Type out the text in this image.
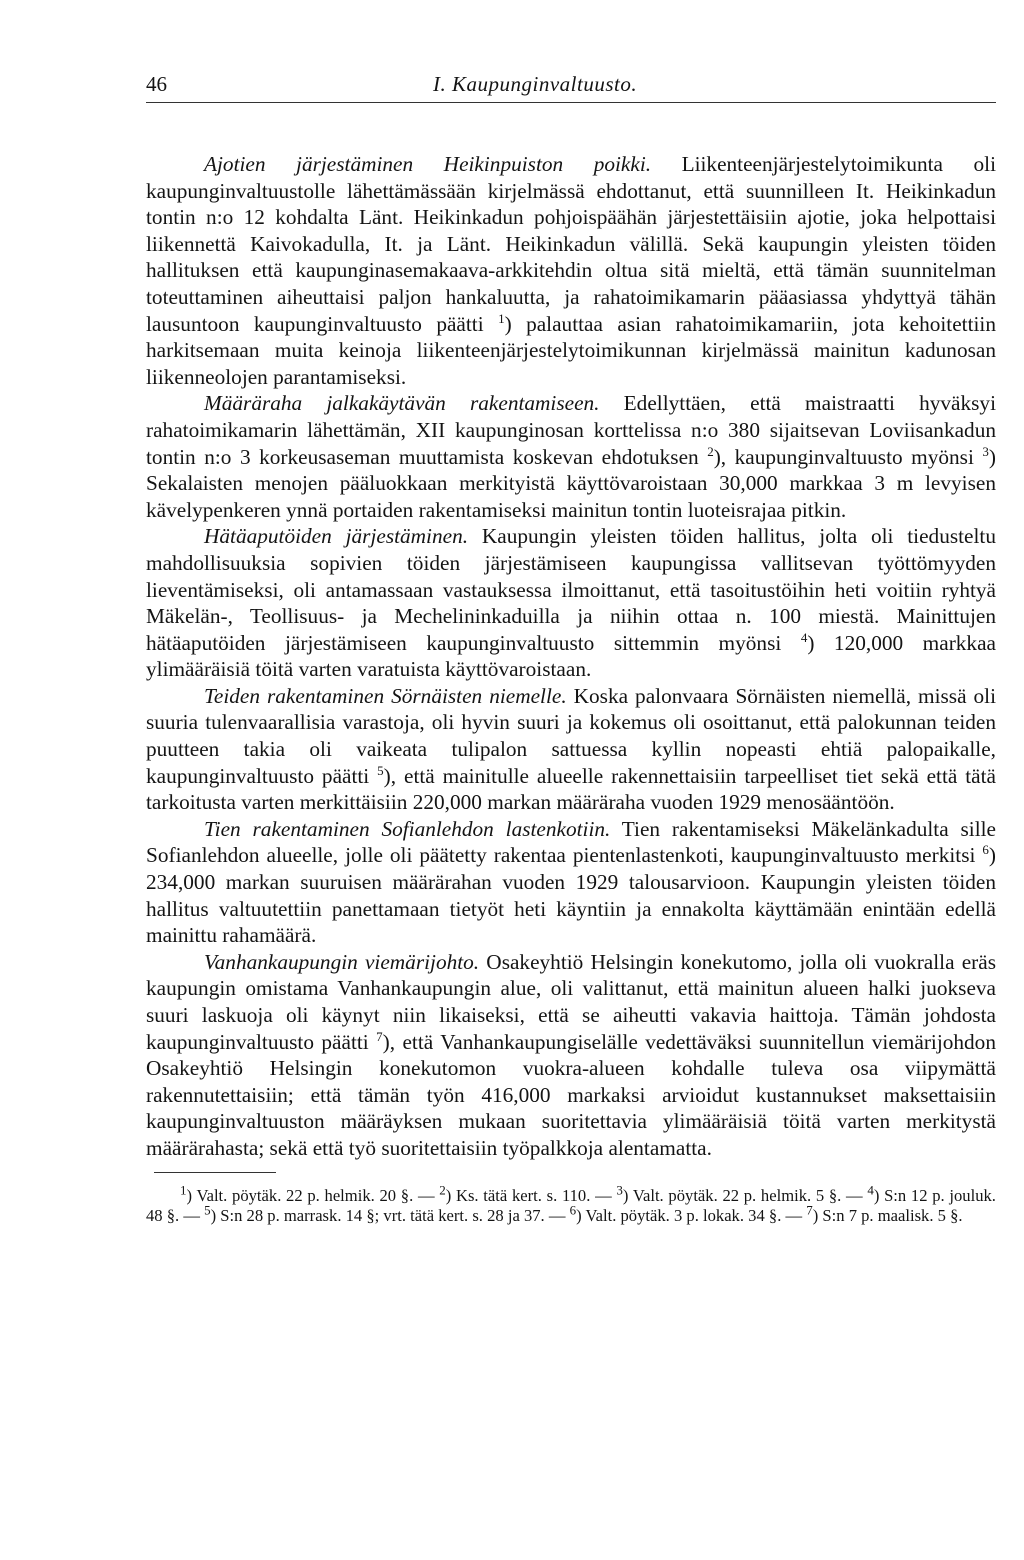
46	I. Kaupunginvaltuusto.

Ajotien järjestäminen Heikinpuiston poikki. Liikenteenjärjestelytoimikunta oli kaupunginvaltuustolle lähettämässään kirjelmässä ehdottanut, että suunnilleen It. Heikinkadun tontin n:o 12 kohdalta Länt. Heikinkadun pohjoispäähän järjestettäisiin ajotie, joka helpottaisi liikennettä Kaivokadulla, It. ja Länt. Heikinkadun välillä. Sekä kaupungin yleisten töiden hallituksen että kaupunginasemakaava-arkkitehdin oltua sitä mieltä, että tämän suunnitelman toteuttaminen aiheuttaisi paljon hankaluutta, ja rahatoimikamarin pääasiassa yhdyttyä tähän lausuntoon kaupunginvaltuusto päätti $^1$) palauttaa asian rahatoimikamariin, jota kehoitettiin harkitsemaan muita keinoja liikenteenjärjestelytoimikunnan kirjelmässä mainitun kadunosan liikenneolojen parantamiseksi.

Määräraha jalkakäytävän rakentamiseen. Edellyttäen, että maistraatti hyväksyi rahatoimikamarin lähettämän, XII kaupunginosan korttelissa n:o 380 sijaitsevan Loviisankadun tontin n:o 3 korkeusaseman muuttamista koskevan ehdotuksen $^2$), kaupunginvaltuusto myönsi $^3$) Sekalaisten menojen pääluokkaan merkityistä käyttövaroistaan 30,000 markkaa 3 m levyisen kävelypenkeren ynnä portaiden rakentamiseksi mainitun tontin luoteisrajaa pitkin.

Hätäaputöiden järjestäminen. Kaupungin yleisten töiden hallitus, jolta oli tiedusteltu mahdollisuuksia sopivien töiden järjestämiseen kaupungissa vallitsevan työttömyyden lieventämiseksi, oli antamassaan vastauksessa ilmoittanut, että tasoitustöihin heti voitiin ryhtyä Mäkelän-, Teollisuus- ja Mechelininkaduilla ja niihin ottaa n. 100 miestä. Mainittujen hätäaputöiden järjestämiseen kaupunginvaltuusto sittemmin myönsi $^4$) 120,000 markkaa ylimääräisiä töitä varten varatuista käyttövaroistaan.

Teiden rakentaminen Sörnäisten niemelle. Koska palonvaara Sörnäisten niemellä, missä oli suuria tulenvaarallisia varastoja, oli hyvin suuri ja kokemus oli osoittanut, että palokunnan teiden puutteen takia oli vaikeata tulipalon sattuessa kyllin nopeasti ehtiä palopaikalle, kaupunginvaltuusto päätti $^5$), että mainitulle alueelle rakennettaisiin tarpeelliset tiet sekä että tätä tarkoitusta varten merkittäisiin 220,000 markan määräraha vuoden 1929 menosääntöön.

Tien rakentaminen Sofianlehdon lastenkotiin. Tien rakentamiseksi Mäkelänkadulta sille Sofianlehdon alueelle, jolle oli päätetty rakentaa pientenlastenkoti, kaupunginvaltuusto merkitsi $^6$) 234,000 markan suuruisen määrärahan vuoden 1929 talousarvioon. Kaupungin yleisten töiden hallitus valtuutettiin panettamaan tietyöt heti käyntiin ja ennakolta käyttämään enintään edellä mainittu rahamäärä.

Vanhankaupungin viemärijohto. Osakeyhtiö Helsingin konekutomo, jolla oli vuokralla eräs kaupungin omistama Vanhankaupungin alue, oli valittanut, että mainitun alueen halki juokseva suuri laskuoja oli käynyt niin likaiseksi, että se aiheutti vakavia haittoja. Tämän johdosta kaupunginvaltuusto päätti $^7$), että Vanhankaupungiselälle vedettäväksi suunnitellun viemärijohdon Osakeyhtiö Helsingin konekutomon vuokra-alueen kohdalle tuleva osa viipymättä rakennutettaisiin; että tämän työn 416,000 markaksi arvioidut kustannukset maksettaisiin kaupunginvaltuuston määräyksen mukaan suoritettavia ylimääräisiä töitä varten merkitystä määrärahasta; sekä että työ suoritettaisiin työpalkkoja alentamatta.

$^1$) Valt. pöytäk. 22 p. helmik. 20 §. — $^2$) Ks. tätä kert. s. 110. — $^3$) Valt. pöytäk. 22 p. helmik. 5 §. — $^4$) S:n 12 p. jouluk. 48 §. — $^5$) S:n 28 p. marrask. 14 §; vrt. tätä kert. s. 28 ja 37. — $^6$) Valt. pöytäk. 3 p. lokak. 34 §. — $^7$) S:n 7 p. maalisk. 5 §.
